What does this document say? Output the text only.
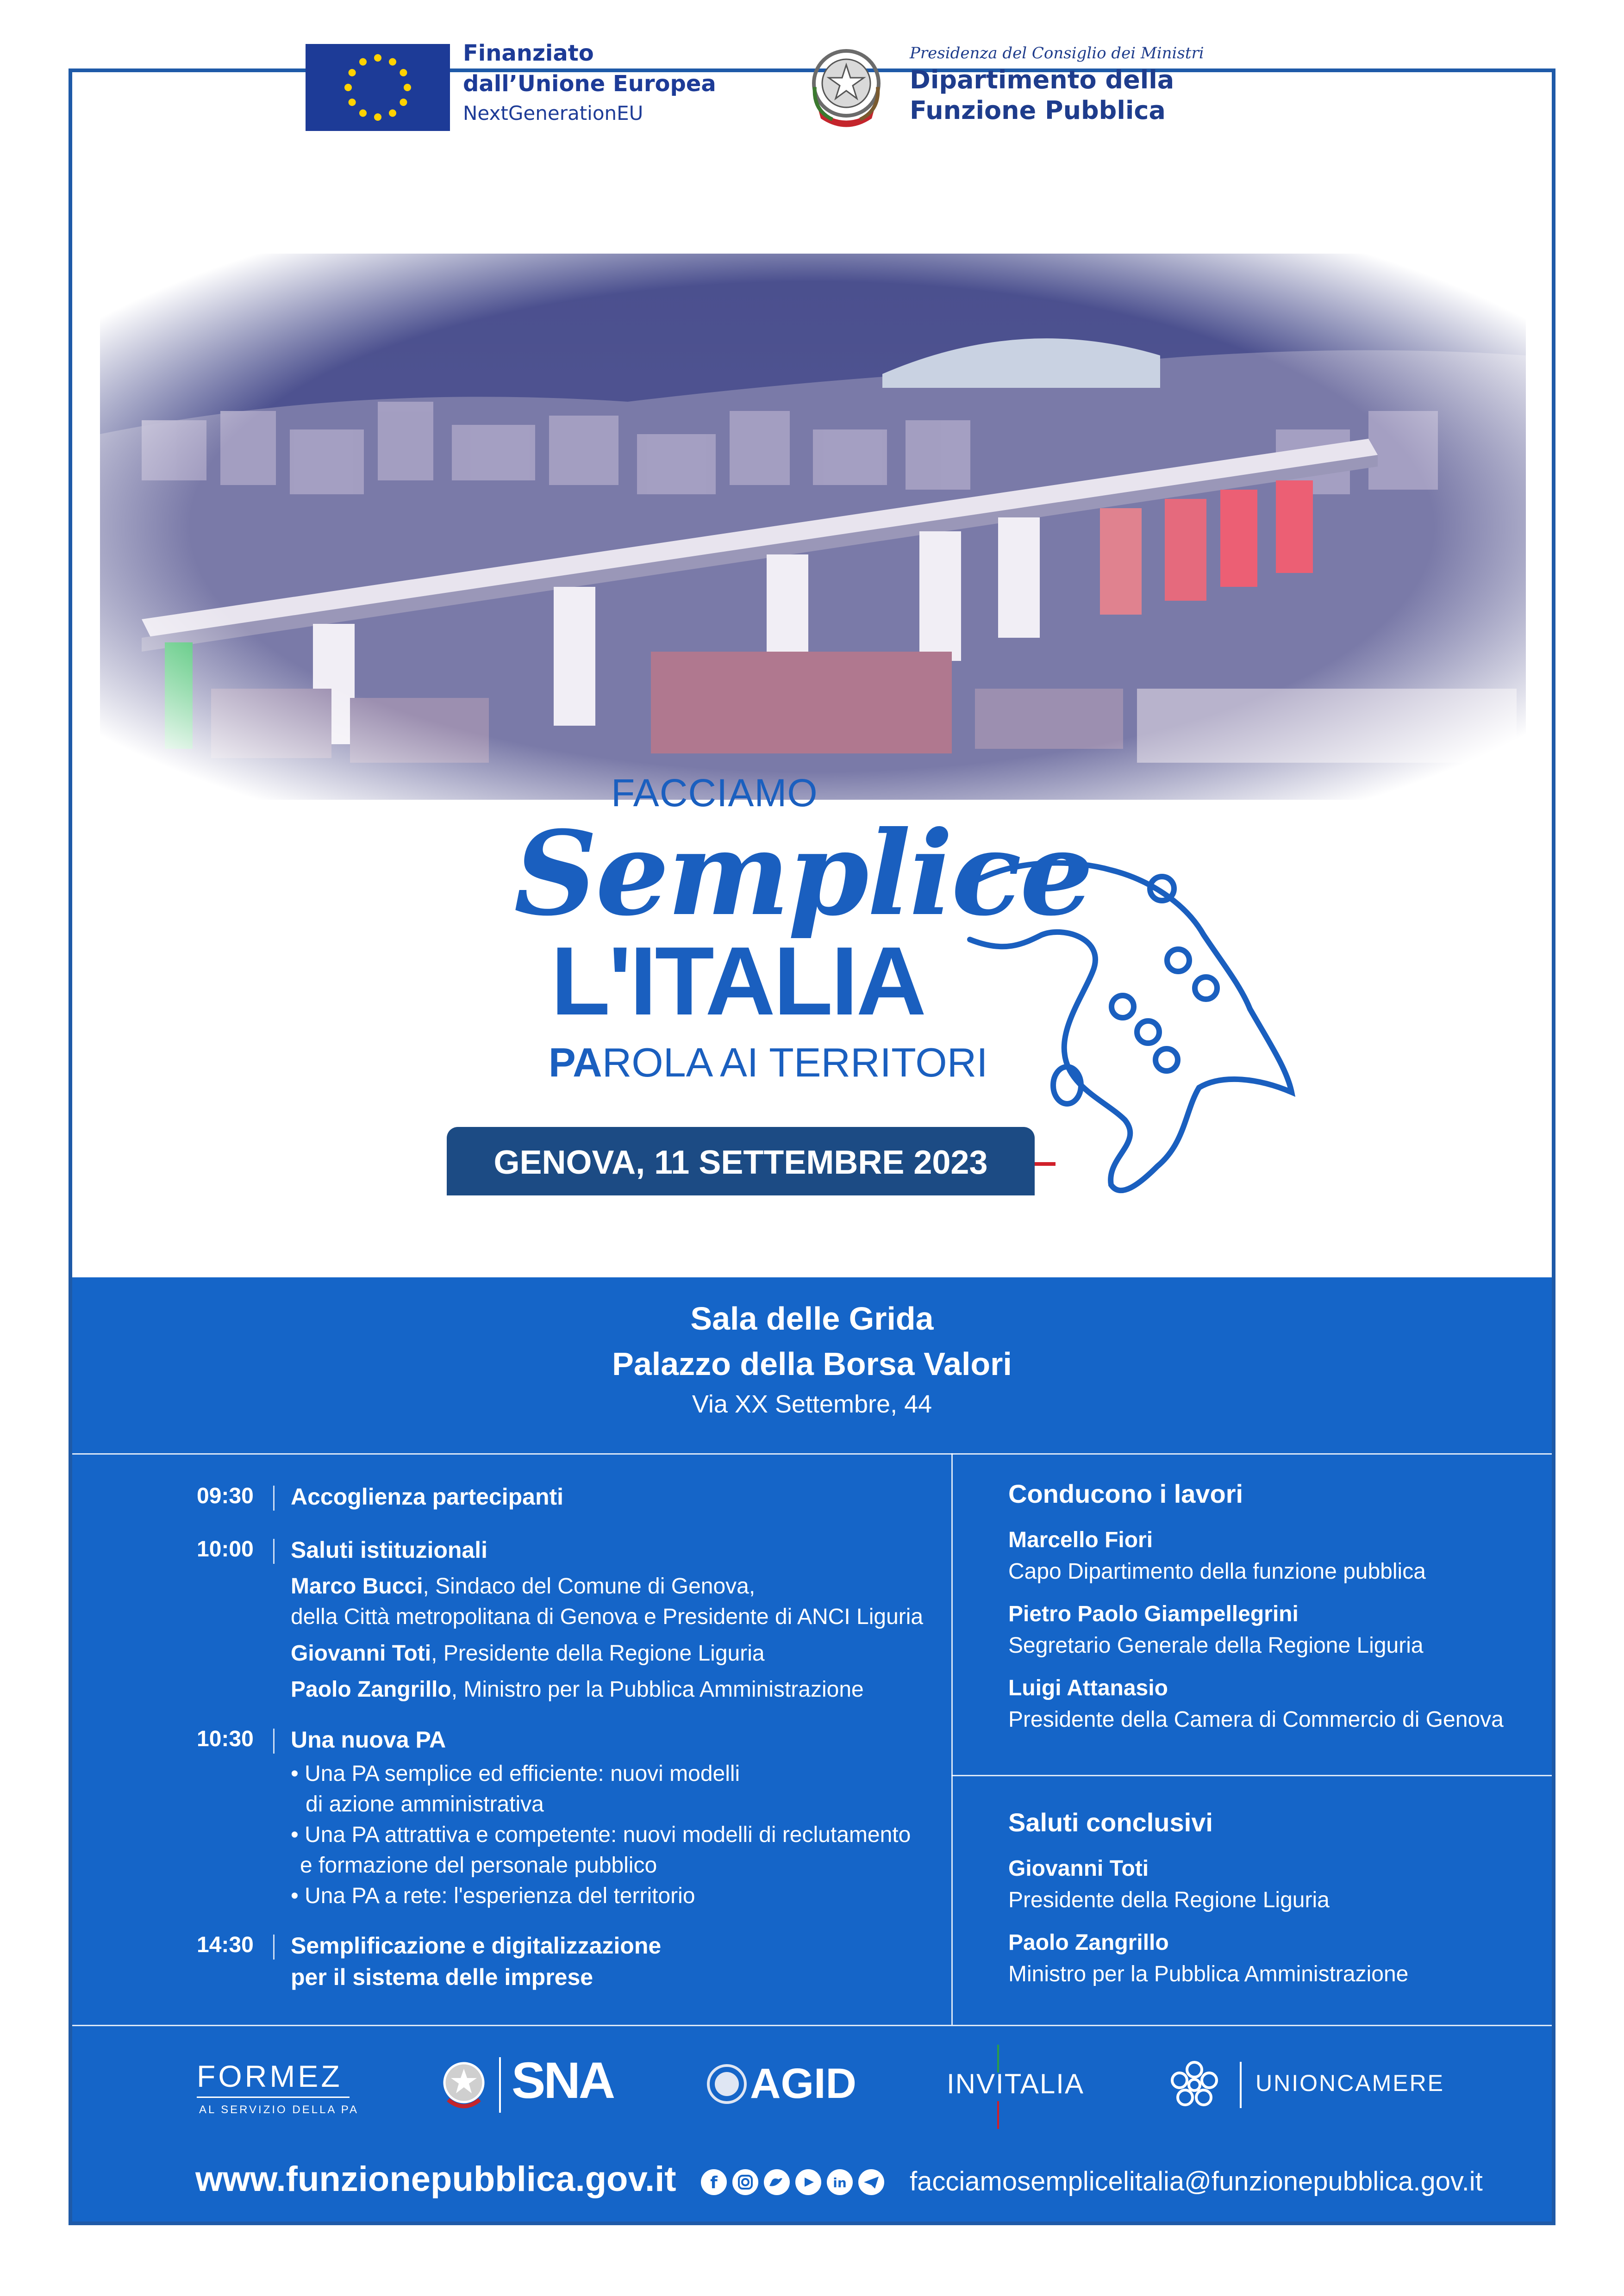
Finanziato
dall’Unione Europea
NextGenerationEU
Presidenza del Consiglio dei Ministri
Dipartimento della
Funzione Pubblica
FACCIAMO
Semplice
L'ITALIA
PAROLA AI TERRITORI
GENOVA, 11 SETTEMBRE 2023
Sala delle Grida
Palazzo della Borsa Valori
Via XX Settembre, 44
09:30 Accoglienza partecipanti
10:00 Saluti istituzionali
Marco Bucci, Sindaco del Comune di Genova,
della Città metropolitana di Genova e Presidente di ANCI Liguria
Giovanni Toti, Presidente della Regione Liguria
Paolo Zangrillo, Ministro per la Pubblica Amministrazione
10:30 Una nuova PA
• Una PA semplice ed efficiente: nuovi modelli
di azione amministrativa
• Una PA attrattiva e competente: nuovi modelli di reclutamento
e formazione del personale pubblico
• Una PA a rete: l'esperienza del territorio
14:30 Semplificazione e digitalizzazione
per il sistema delle imprese
Conducono i lavori
Marcello Fiori
Capo Dipartimento della funzione pubblica
Pietro Paolo Giampellegrini
Segretario Generale della Regione Liguria
Luigi Attanasio
Presidente della Camera di Commercio di Genova
Saluti conclusivi
Giovanni Toti
Presidente della Regione Liguria
Paolo Zangrillo
Ministro per la Pubblica Amministrazione
FORMEZ
AL SERVIZIO DELLA PA
SNA	AGID	INVITALIA	UNIONCAMERE
www.funzionepubblica.gov.it f	in facciamosemplicelitalia@funzionepubblica.gov.it
